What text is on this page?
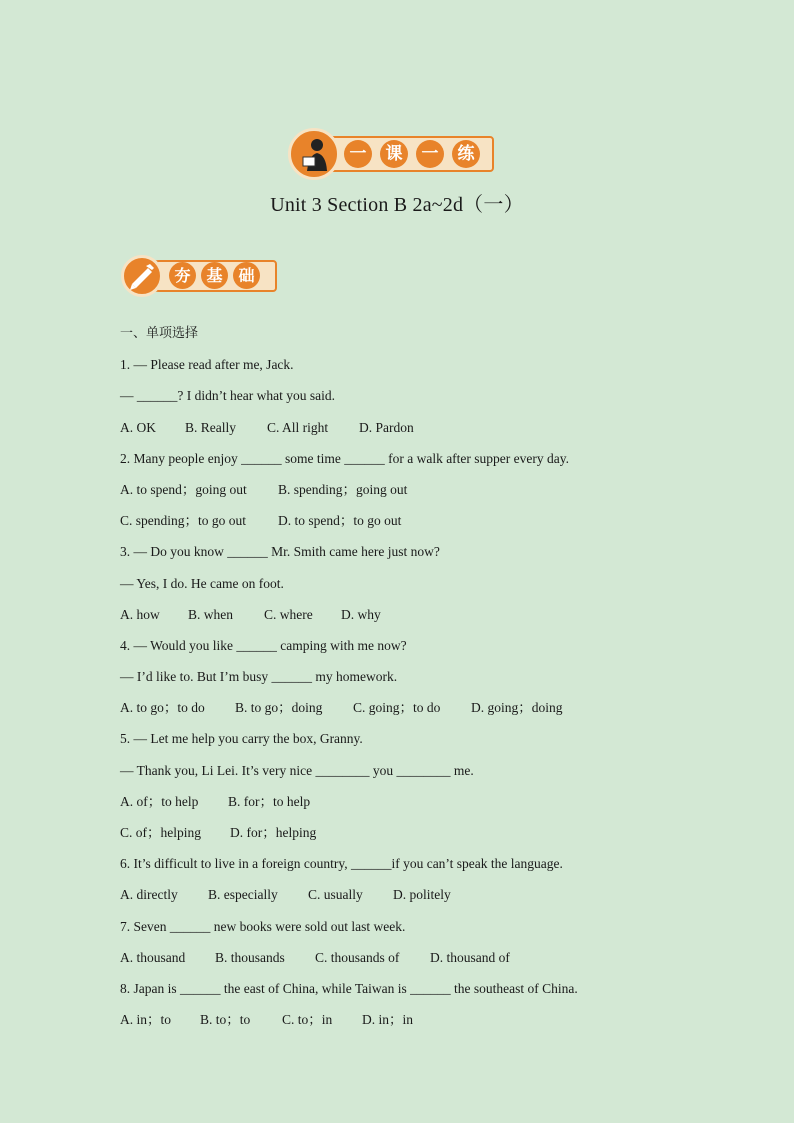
一	课	一	练
Unit 3 Section B 2a~2d（一）
夯 基 础
一、单项选择
1. — Please read after me, Jack.
— ______? I didn’t hear what you said.
A. OK B. Really C. All right D. Pardon
2. Many people enjoy ______ some time ______ for a walk after supper every day.
A. to spend；going out B. spending；going out
C. spending；to go out D. to spend；to go out
3. — Do you know ______ Mr. Smith came here just now?
— Yes, I do. He came on foot.
A. how B. when C. where D. why
4. — Would you like ______ camping with me now?
— I’d like to. But I’m busy ______ my homework.
A. to go；to do B. to go；doing C. going；to do D. going；doing
5. — Let me help you carry the box, Granny.
— Thank you, Li Lei. It’s very nice ________ you ________ me.
A. of；to help B. for；to help
C. of；helping D. for；helping
6. It’s difficult to live in a foreign country, ______if you can’t speak the language.
A. directly B. especially C. usually D. politely
7. Seven ______ new books were sold out last week.
A. thousand B. thousands C. thousands of D. thousand of
8. Japan is ______ the east of China, while Taiwan is ______ the southeast of China.
A. in；to B. to；to C. to；in D. in；in
